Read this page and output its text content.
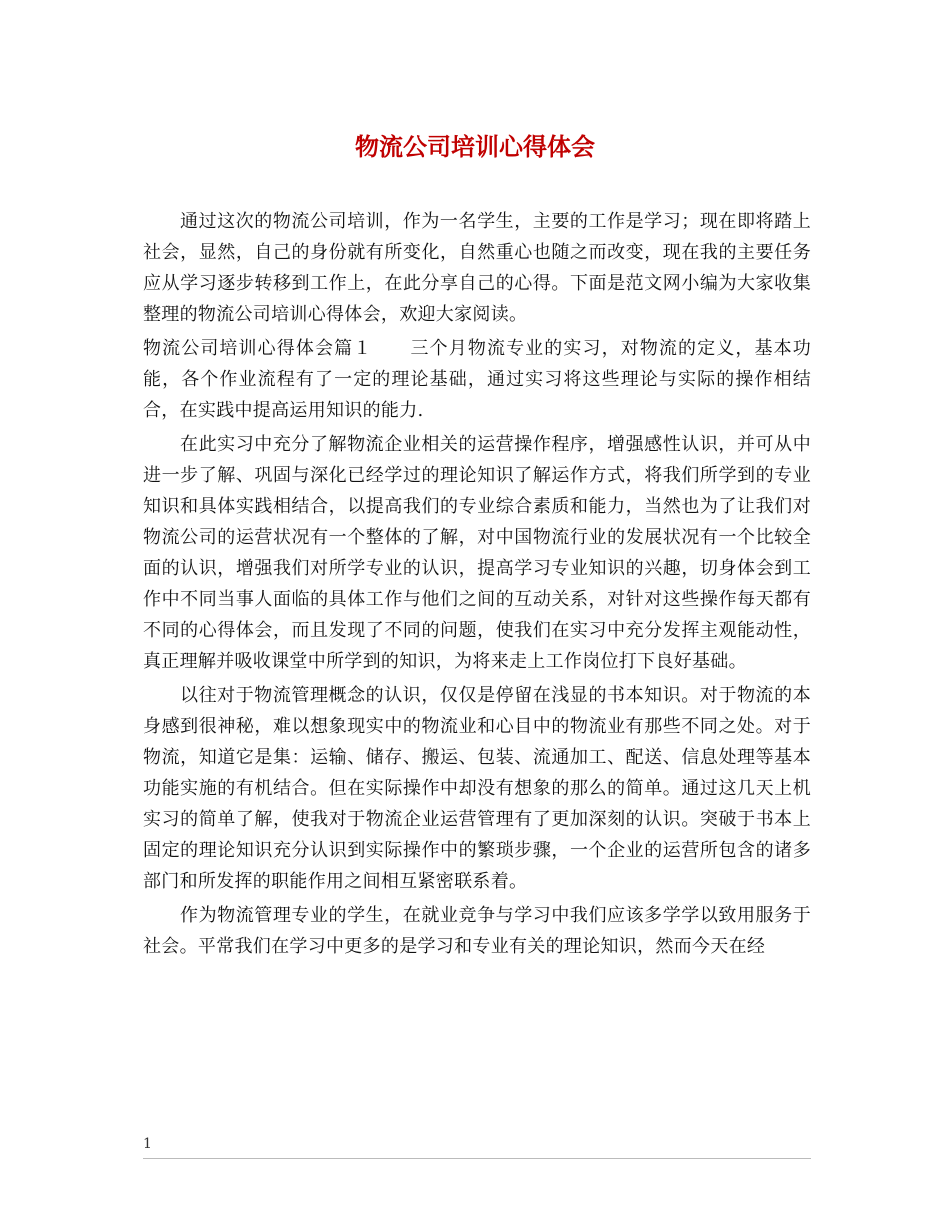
物流公司培训心得体会

通过这次的物流公司培训，作为一名学生，主要的工作是学习；现在即将踏上社会，显然，自己的身份就有所变化，自然重心也随之而改变，现在我的主要任务应从学习逐步转移到工作上，在此分享自己的心得。下面是范文网小编为大家收集整理的物流公司培训心得体会，欢迎大家阅读。

物流公司培训心得体会篇１　　三个月物流专业的实习，对物流的定义，基本功能，各个作业流程有了一定的理论基础，通过实习将这些理论与实际的操作相结合，在实践中提高运用知识的能力.

在此实习中充分了解物流企业相关的运营操作程序，增强感性认识，并可从中进一步了解、巩固与深化已经学过的理论知识了解运作方式，将我们所学到的专业知识和具体实践相结合，以提高我们的专业综合素质和能力，当然也为了让我们对物流公司的运营状况有一个整体的了解，对中国物流行业的发展状况有一个比较全面的认识，增强我们对所学专业的认识，提高学习专业知识的兴趣，切身体会到工作中不同当事人面临的具体工作与他们之间的互动关系，对针对这些操作每天都有不同的心得体会，而且发现了不同的问题，使我们在实习中充分发挥主观能动性，真正理解并吸收课堂中所学到的知识，为将来走上工作岗位打下良好基础。

以往对于物流管理概念的认识，仅仅是停留在浅显的书本知识。对于物流的本身感到很神秘，难以想象现实中的物流业和心目中的物流业有那些不同之处。对于物流，知道它是集：运输、储存、搬运、包装、流通加工、配送、信息处理等基本功能实施的有机结合。但在实际操作中却没有想象的那么的简单。通过这几天上机实习的简单了解，使我对于物流企业运营管理有了更加深刻的认识。突破于书本上固定的理论知识充分认识到实际操作中的繁琐步骤，一个企业的运营所包含的诸多部门和所发挥的职能作用之间相互紧密联系着。

作为物流管理专业的学生，在就业竞争与学习中我们应该多学学以致用服务于社会。平常我们在学习中更多的是学习和专业有关的理论知识，然而今天在经

1
